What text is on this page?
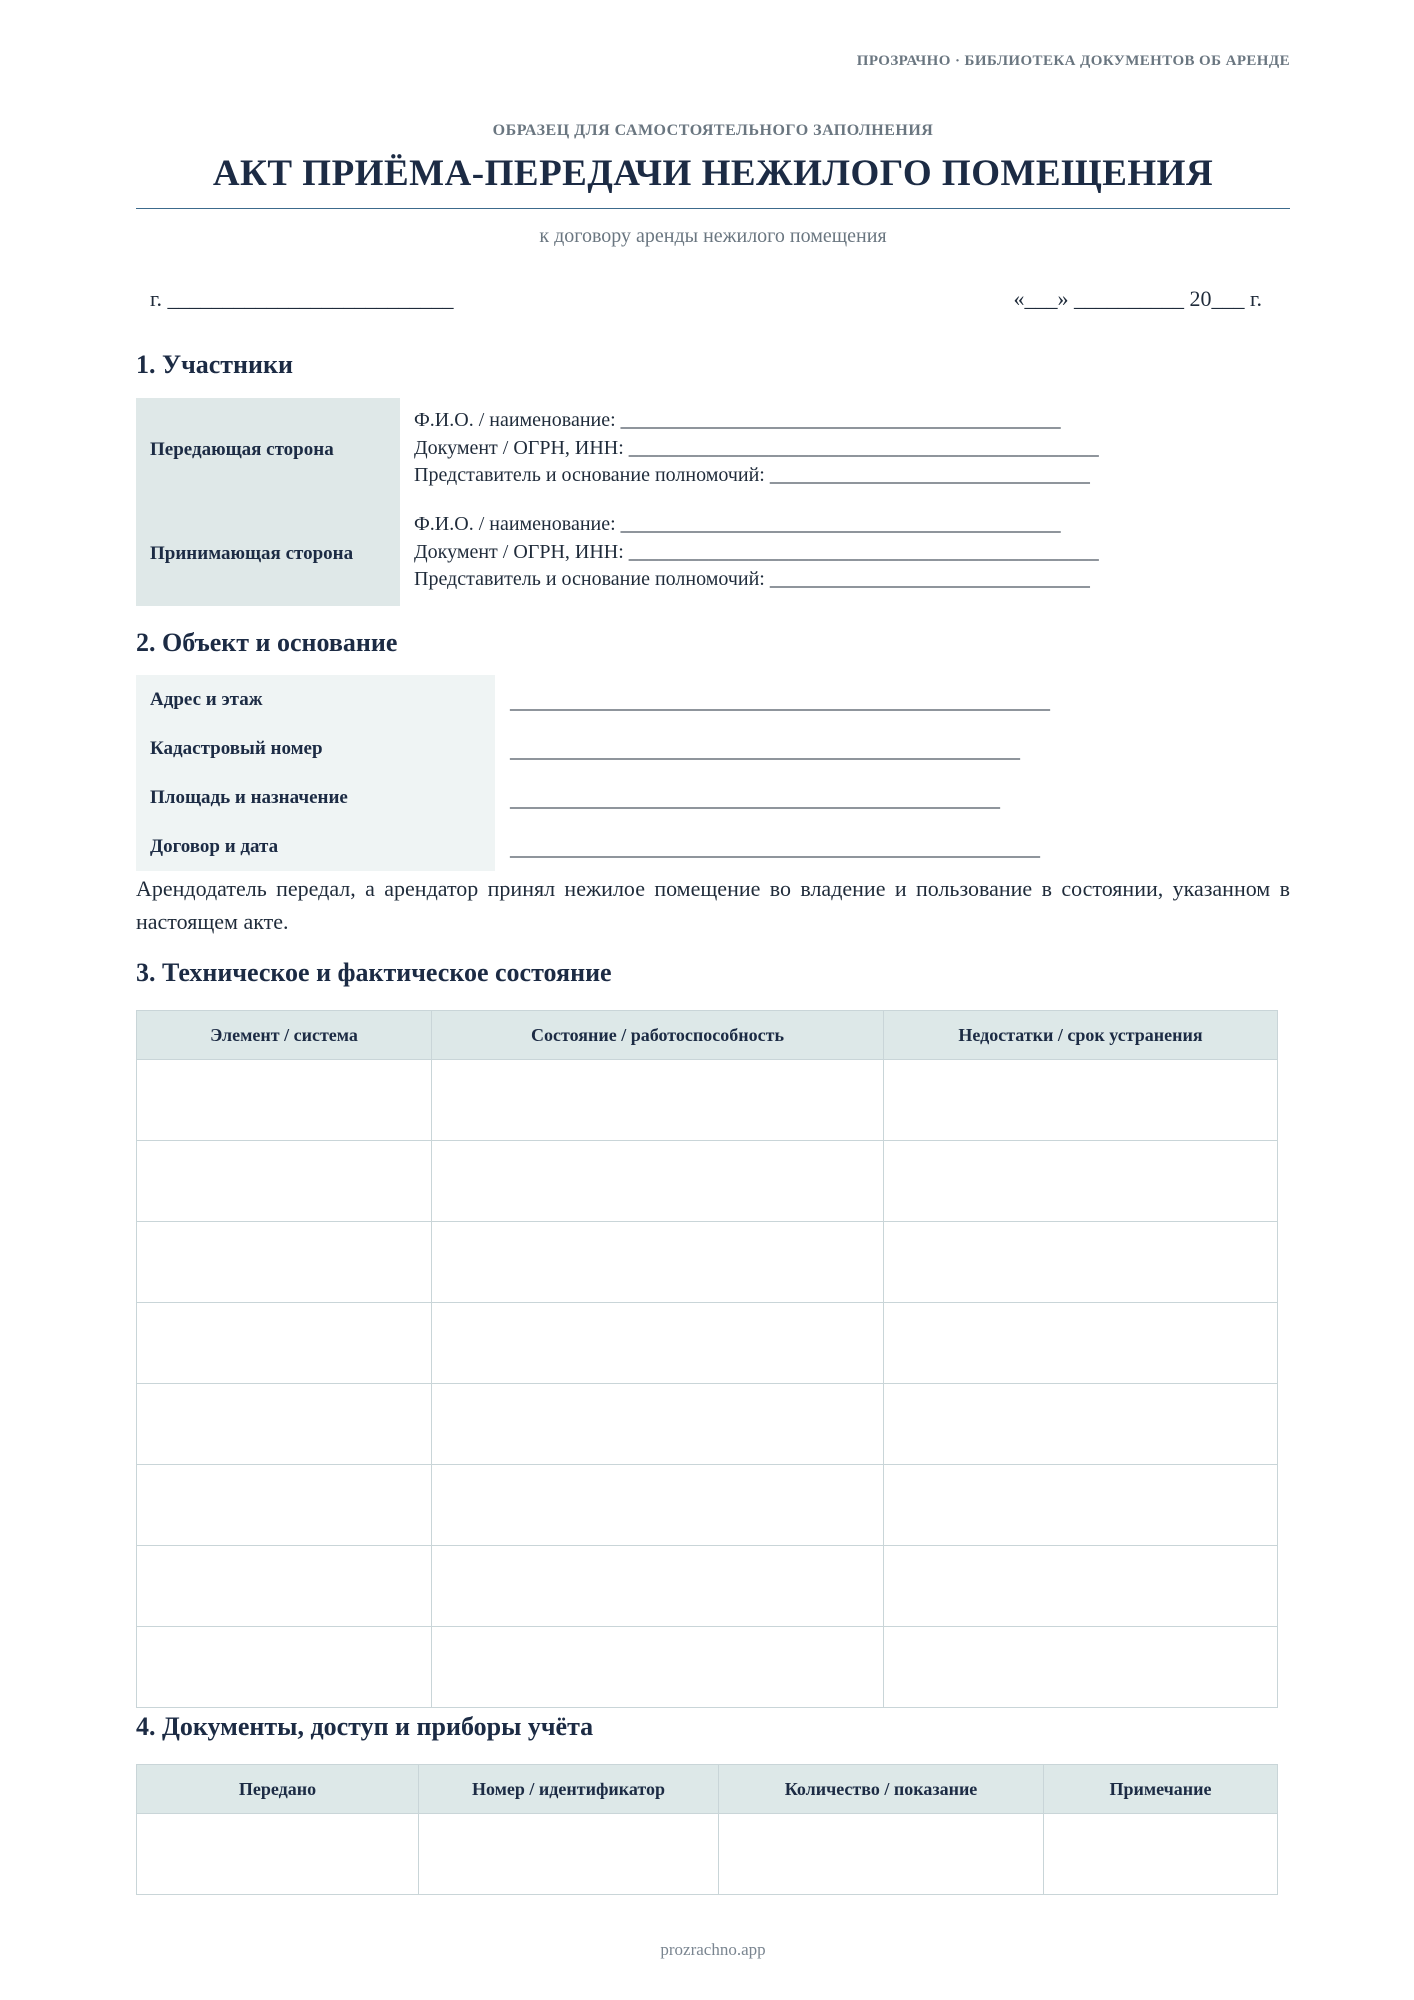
ПРОЗРАЧНО · БИБЛИОТЕКА ДОКУМЕНТОВ ОБ АРЕНДЕ
ОБРАЗЕЦ ДЛЯ САМОСТОЯТЕЛЬНОГО ЗАПОЛНЕНИЯ
АКТ ПРИЁМА-ПЕРЕДАЧИ НЕЖИЛОГО ПОМЕЩЕНИЯ
к договору аренды нежилого помещения
г. __________________________	«___» __________ 20___ г.
1. Участники
Передающая сторона
Ф.И.О. / наименование: ____________________________________________
Документ / ОГРН, ИНН: _______________________________________________
Представитель и основание полномочий: ________________________________
Принимающая сторона
Ф.И.О. / наименование: ____________________________________________
Документ / ОГРН, ИНН: _______________________________________________
Представитель и основание полномочий: ________________________________
2. Объект и основание
Адрес и этаж	______________________________________________________
Кадастровый номер	___________________________________________________
Площадь и назначение	_________________________________________________
Договор и дата	_____________________________________________________
Арендодатель передал, а арендатор принял нежилое помещение во владение и пользование в состоянии, указанном в настоящем акте.
3. Техническое и фактическое состояние
Элемент / система	Состояние / работоспособность	Недостатки / срок устранения

4. Документы, доступ и приборы учёта
Передано	Номер / идентификатор	Количество / показание	Примечание

prozrachno.app
